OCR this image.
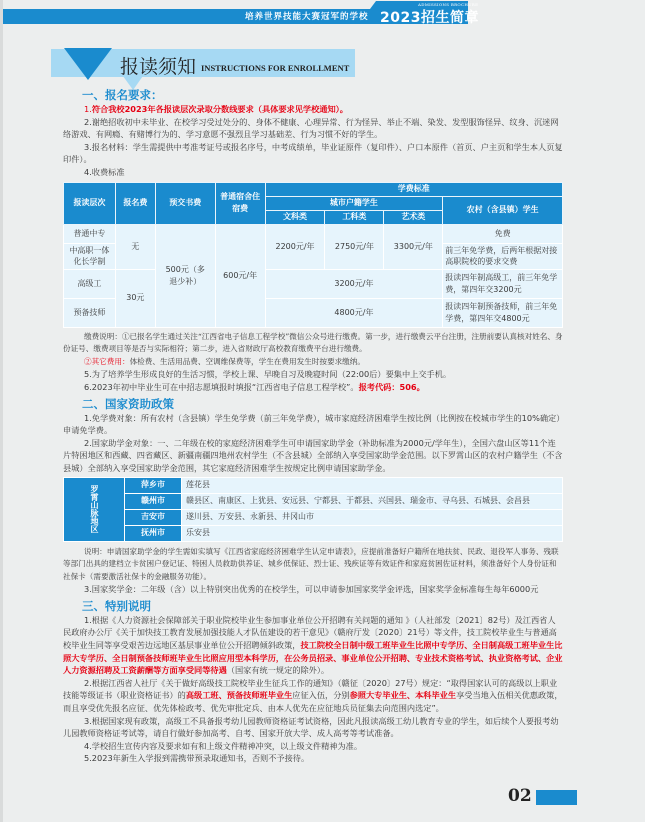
培养世界技能大赛冠军的学校
ADMISSIONS BROCHURE
2023招生简章
报读须知 INSTRUCTIONS FOR ENROLLMENT
一、报名要求：

1.符合我校2023年各报读层次录取分数线要求（具体要求见学校通知）。

2.谢绝招收初中未毕业、在校学习受过处分的、身体不健康、心理异常、行为怪异、举止不端、染发、发型服饰怪异、纹身、沉迷网络游戏、有网瘾、有赌博行为的、学习意愿不强烈且学习基础差、行为习惯不好的学生。

3.报名材料：学生需提供中考准考证号或报名序号，中考成绩单，毕业证原件（复印件）、户口本原件（首页、户主页和学生本人页复印件）。

4.收费标准

报读层次	报名费	预交书费	普通宿舍住宿费	学费标准			
				城市户籍学生			农村（含县镇）学生
				文科类	工科类	艺术类	
普通中专	无	500元（多退少补）	600元/年	2200元/年	2750元/年	3300元/年	免费
中高职一体化长学制							前三年免学费，后两年根据对接高职院校的要求交费
高级工	30元			3200元/年			报读四年制高级工，前三年免学费，第四年交3200元
预备技师				4800元/年			报读四年制预备技师，前三年免学费，第四年交4800元

缴费说明：①已报名学生通过关注“江西省电子信息工程学校”微信公众号进行缴费。第一步，进行缴费云平台注册，注册前要认真核对姓名、身份证号、缴费项目等是否与实际相符；第二步，进入省财政厅高校教育缴费平台进行缴费。

②其它费用：体检费、生活用品费、空调维保费等，学生在费用发生时按要求缴纳。

5.为了培养学生形成良好的生活习惯，学校上课、早晚自习及晚寝时间（22:00后）要集中上交手机。

6.2023年初中毕业生可在中招志愿填报时填报“江西省电子信息工程学校”。报考代码：506。

二、国家资助政策

1.免学费对象：所有农村（含县镇）学生免学费（前三年免学费），城市家庭经济困难学生按比例（比例按在校城市学生的10%确定）申请免学费。

2.国家助学金对象：一、二年级在校的家庭经济困难学生可申请国家助学金（补助标准为2000元/学年生），全国六盘山区等11个连片特困地区和西藏、四省藏区、新疆南疆四地州农村学生（不含县城）全部纳入享受国家助学金范围。以下罗霄山区的农村户籍学生（不含县城）全部纳入享受国家助学金范围，其它家庭经济困难学生按规定比例申请国家助学金。

罗霄山脉地区	萍乡市	莲花县
	赣州市	赣县区、南康区、上犹县、安远县、宁都县、于都县、兴国县、瑞金市、寻乌县、石城县、会昌县
	吉安市	遂川县、万安县、永新县、井冈山市
	抚州市	乐安县

说明：申请国家助学金的学生需如实填写《江西省家庭经济困难学生认定申请表》，应提前准备好户籍所在地扶贫、民政、退役军人事务、残联等部门出具的建档立卡贫困户登记证、特困人员救助供养证、城乡低保证、烈士证、残疾证等有效证件和家庭贫困佐证材料，须准备好个人身份证和社保卡（需要激活社保卡的金融服务功能）。

3.国家奖学金：二年级（含）以上特别突出优秀的在校学生，可以申请参加国家奖学金评选，国家奖学金标准每生每年6000元

三、特别说明

1.根据《人力资源社会保障部关于职业院校毕业生参加事业单位公开招聘有关问题的通知 》（人社部发〔2021〕82号）及江西省人民政府办公厅《关于加快技工教育发展加强技能人才队伍建设的若干意见》（赣府厅发〔2020〕21号）等文件，技工院校毕业生与普通高校毕业生同等享受艰苦边远地区基层事业单位公开招聘倾斜政策，技工院校全日制中级工班毕业生比照中专学历、全日制高级工班毕业生比照大专学历、全日制预备技师班毕业生比照应用型本科学历，在公务员招录、事业单位公开招聘、专业技术资格考试、执业资格考试、企业人力资源招聘及工资薪酬等方面享受同等待遇（国家有统一规定的除外）。

2.根据江西省人社厅《关于做好高级技工院校毕业生征兵工作的通知》（赣征〔2020〕27号）规定：“取得国家认可的高级以上职业技能等级证书（职业资格证书）的高级工班、预备技师班毕业生应征入伍，分别参照大专毕业生、本科毕业生享受当地入伍相关优惠政策，而且享受优先报名应征、优先体检政考、优先审批定兵、由本人优先在应征地兵员征集去向范围内选定”。

3.根据国家现有政策，高级工不具备报考幼儿园教师资格证考试资格，因此凡报读高级工幼儿教育专业的学生，如后续个人要报考幼儿园教师资格证考试等，请自行做好参加高考、自考、国家开放大学、成人高考等考试准备。

4.学校招生宣传内容及要求如有和上级文件精神冲突，以上级文件精神为准。

5.2023年新生入学报到需携带预录取通知书，否则不予接待。

02
